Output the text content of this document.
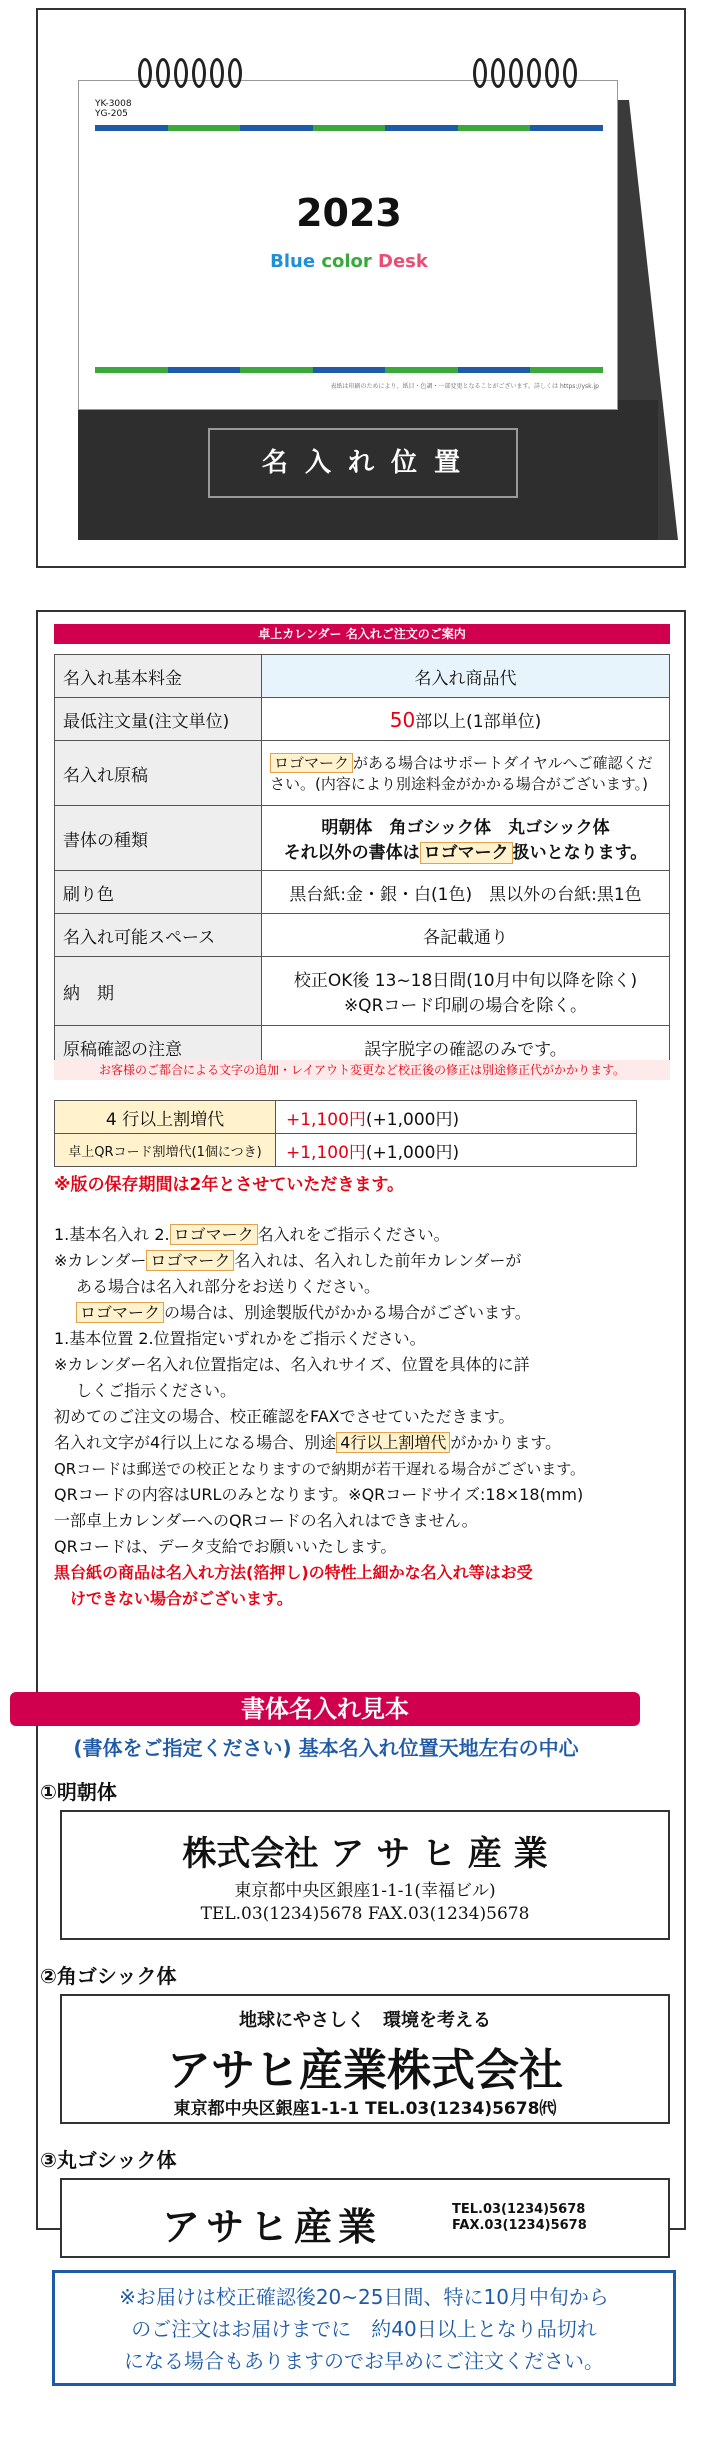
名 入 れ 位 置
YK-3008
YG-205
2023
Blue color Desk
表紙は印刷のためにより、紙目・色調・一部変更となることがございます。詳しくは https://ysk.jp
卓上カレンダー 名入れご注文のご案内
名入れ基本料金	名入れ商品代
最低注文量(注文単位)	50部以上(1部単位)
名入れ原稿	ロゴマーク がある場合はサポートダイヤルへご確認ください。(内容により別途料金がかかる場合がございます。)
書体の種類	明朝体　角ゴシック体　丸ゴシック体
それ以外の書体は ロゴマーク 扱いとなります。

刷り色	黒台紙:金・銀・白(1色)　黒以外の台紙:黒1色
名入れ可能スペース	各記載通り
納　期	校正OK後 13~18日間(10月中旬以降を除く)
※QRコード印刷の場合を除く。

原稿確認の注意	誤字脱字の確認のみです。
お客様のご都合による文字の追加・レイアウト変更など校正後の修正は別途修正代がかかります。
4 行以上割増代	+1,100円(+1,000円)
卓上QRコード割増代(1個につき)	+1,100円(+1,000円)
※版の保存期間は2年とさせていただきます。
1.基本名入れ 2. ロゴマーク 名入れをご指示ください。
※カレンダー ロゴマーク 名入れは、名入れした前年カレンダーが
ある場合は名入れ部分をお送りください。
ロゴマーク の場合は、別途製版代がかかる場合がございます。
1.基本位置 2.位置指定いずれかをご指示ください。
※カレンダー名入れ位置指定は、名入れサイズ、位置を具体的に詳
しくご指示ください。
初めてのご注文の場合、校正確認をFAXでさせていただきます。
名入れ文字が4行以上になる場合、別途 4行以上割増代 がかかります。
QRコードは郵送での校正となりますので納期が若干遅れる場合がございます。
QRコードの内容はURLのみとなります。※QRコードサイズ:18×18(mm)
一部卓上カレンダーへのQRコードの名入れはできません。
QRコードは、データ支給でお願いいたします。
黒台紙の商品は名入れ方法(箔押し)の特性上細かな名入れ等はお受
けできない場合がございます。
書体名入れ見本
(書体をご指定ください) 基本名入れ位置天地左右の中心
①明朝体
株式会社 ア サ ヒ 産 業
東京都中央区銀座1-1-1(幸福ビル)
TEL.03(1234)5678 FAX.03(1234)5678
②角ゴシック体
地球にやさしく　環境を考える
アサヒ産業株式会社
東京都中央区銀座1-1-1 TEL.03(1234)5678㈹
③丸ゴシック体
アサヒ産業	TEL.03(1234)5678
FAX.03(1234)5678
※お届けは校正確認後20~25日間、特に10月中旬から
のご注文はお届けまでに　約40日以上となり品切れ
になる場合もありますのでお早めにご注文ください。
